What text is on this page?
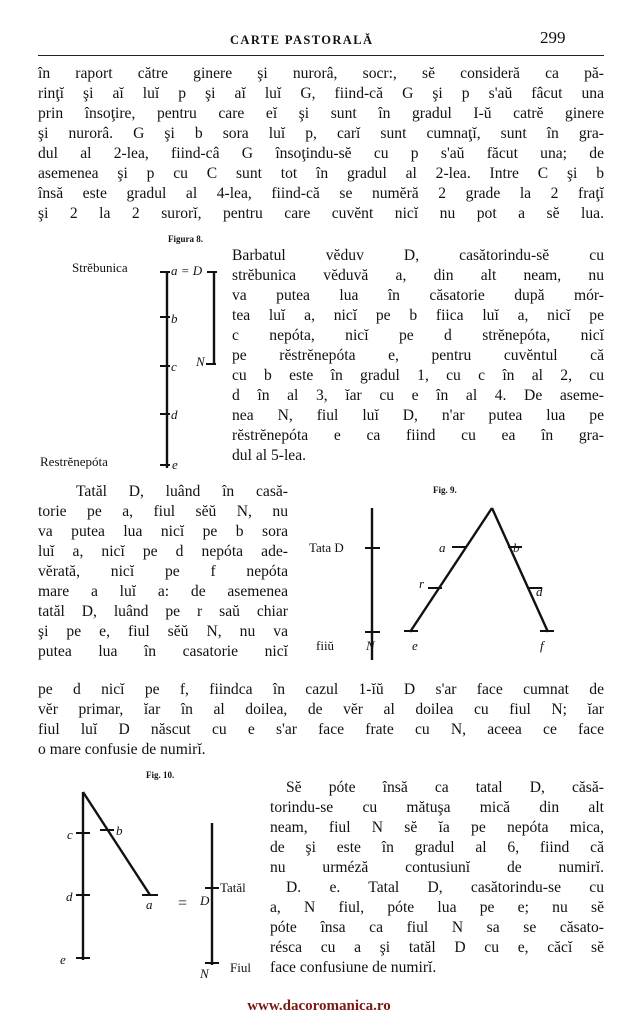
CARTE PASTORALĂ	299
în raport către ginere şi nurorâ, socr:, sĕ consideră ca pă-
rinţĭ şi aĭ luĭ p şi aĭ luĭ G, fiind-că G şi p s'aŭ fâcut una
prin însoţire, pentru care eĭ şi sunt în gradul I-ŭ catrĕ ginere
şi nurorâ. G şi b sora luĭ p, carĭ sunt cumnaţĭ, sunt în gra-
dul al 2-lea, fiind-câ G însoţindu-sĕ cu p s'aŭ făcut una; de
asemenea şi p cu C sunt tot în gradul al 2-lea. Intre C şi b
însă este gradul al 4-lea, fiind-că se numĕră 2 grade la 2 fraţĭ
şi 2 la 2 surorĭ, pentru care cuvĕnt nicĭ nu pot a sĕ lua.
Figura 8.
Strĕbunica
Restrĕnepóta
a = D
b
c
d
e
N
Barbatul vĕduv D, casătorindu-sĕ cu
strĕbunica vĕduvă a, din alt neam, nu
va putea lua în căsatorie după mór-
tea luĭ a, nicĭ pe b fiica luĭ a, nicĭ pe
c nepóta, nicĭ pe d strĕnepóta, nicĭ
pe rĕstrĕnepóta e, pentru cuvĕntul că
cu b este în gradul 1, cu c în al 2, cu
d în al 3, ĭar cu e în al 4. De aseme-
nea N, fiul luĭ D, n'ar putea lua pe
rĕstrĕnepóta e ca fiind cu ea în gra-
dul al 5-lea.
Tatăl D, luând în casă-
torie pe a, fiul sĕŭ N, nu
va putea lua nicĭ pe b sora
luĭ a, nicĭ pe d nepóta ade-
vĕrată, nicĭ pe f nepóta
mare a luĭ a: de asemenea
tatăl D, luând pe r saŭ chiar
şi pe e, fiul sĕŭ N, nu va
putea lua în casatorie nicĭ
Fig. 9.
Tata D
fiiŭ
a	b
r
d
e
N	f
pe d nicĭ pe f, fiindca în cazul 1-ĭŭ D s'ar face cumnat de
vĕr primar, ĭar în al doilea, de vĕr al doilea cu fiul N; ĭar
fiul luĭ D născut cu e s'ar face frate cu N, aceea ce face
o mare confusie de numirĭ.
Fig. 10.
c	b
d
a = D
e
N
Tatăl
Fiul
Sĕ póte însă ca tatal D, căsă-
torindu-se cu mătuşa mică din alt
neam, fiul N sĕ ĭa pe nepóta mica,
de şi este în gradul al 6, fiind că
nu urméză contusiunĭ de numirĭ.
D. e. Tatal D, casătorindu-se cu
a, N fiul, póte lua pe e; nu sĕ
póte însa ca fiul N sa se căsato-
résca cu a şi tatăl D cu e, căcĭ sĕ
face confusiune de numirĭ.
www.dacoromanica.ro
